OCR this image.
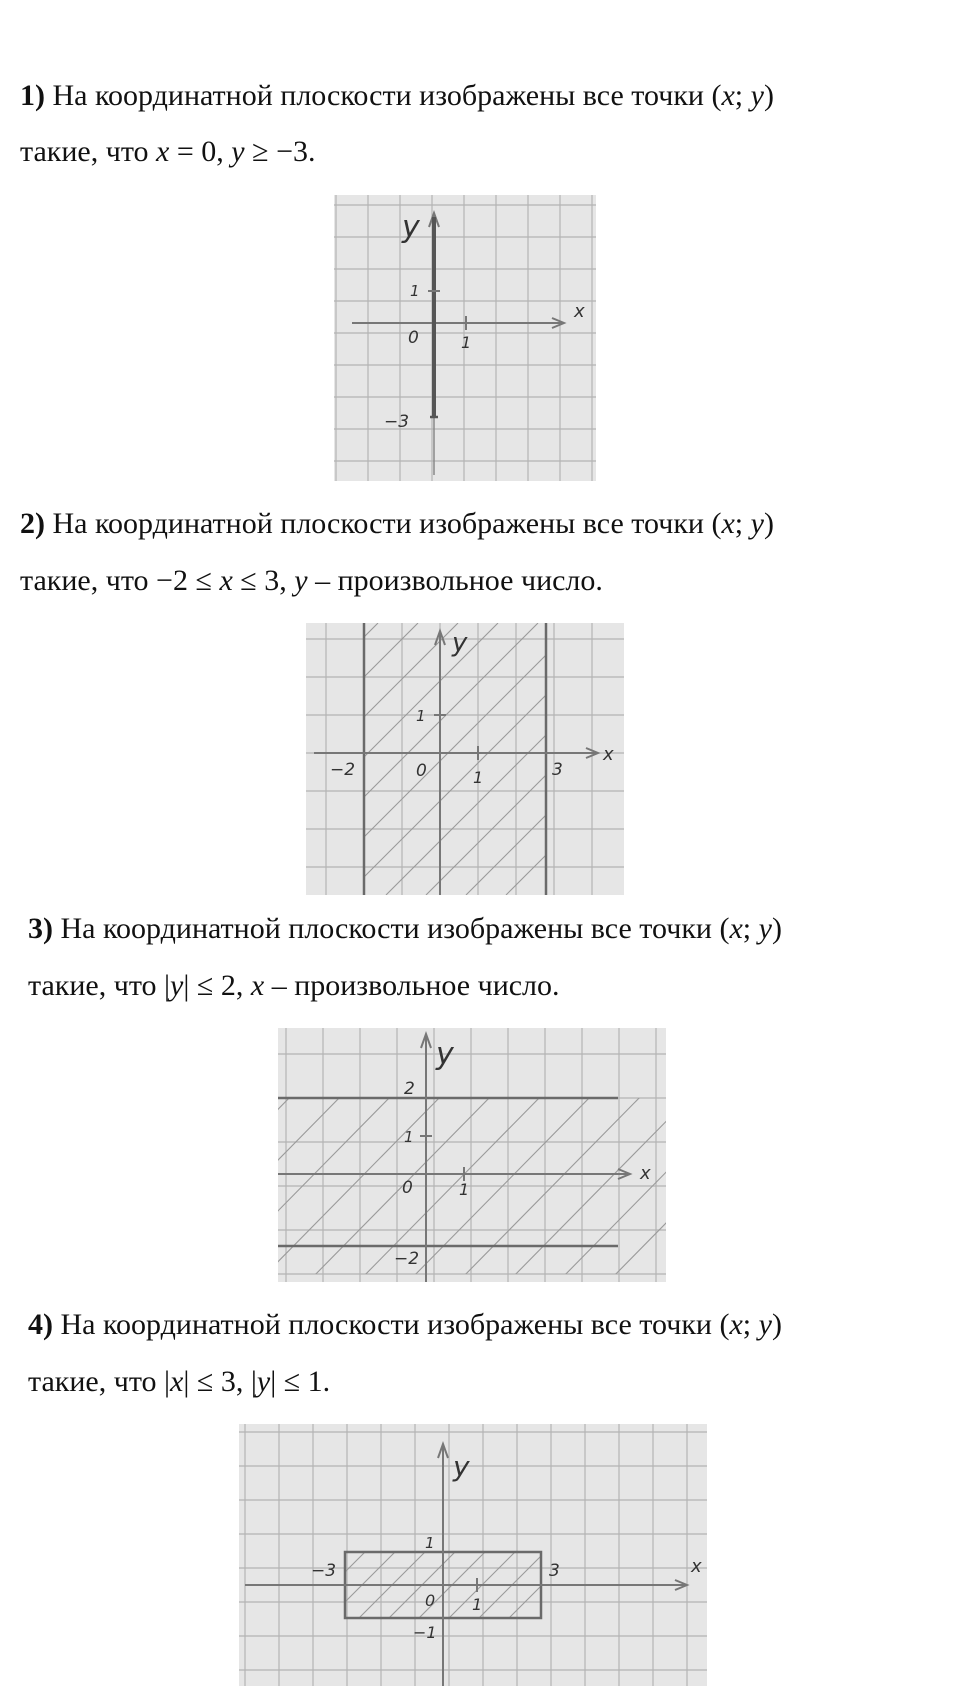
1) На координатной плоскости изображены все точки (x; y)
такие, что x = 0, y ≥ −3.
y
x
0
1
1
−3
2) На координатной плоскости изображены все точки (x; y)
такие, что −2 ≤ x ≤ 3, y – произвольное число.
y
x
0
1
1
−2	3
3) На координатной плоскости изображены все точки (x; y)
такие, что |y| ≤ 2, x – произвольное число.
y
x
0
1
1
2
−2
4) На координатной плоскости изображены все точки (x; y)
такие, что |x| ≤ 3, |y| ≤ 1.
y
x
0
1
1
−3	3
−1
